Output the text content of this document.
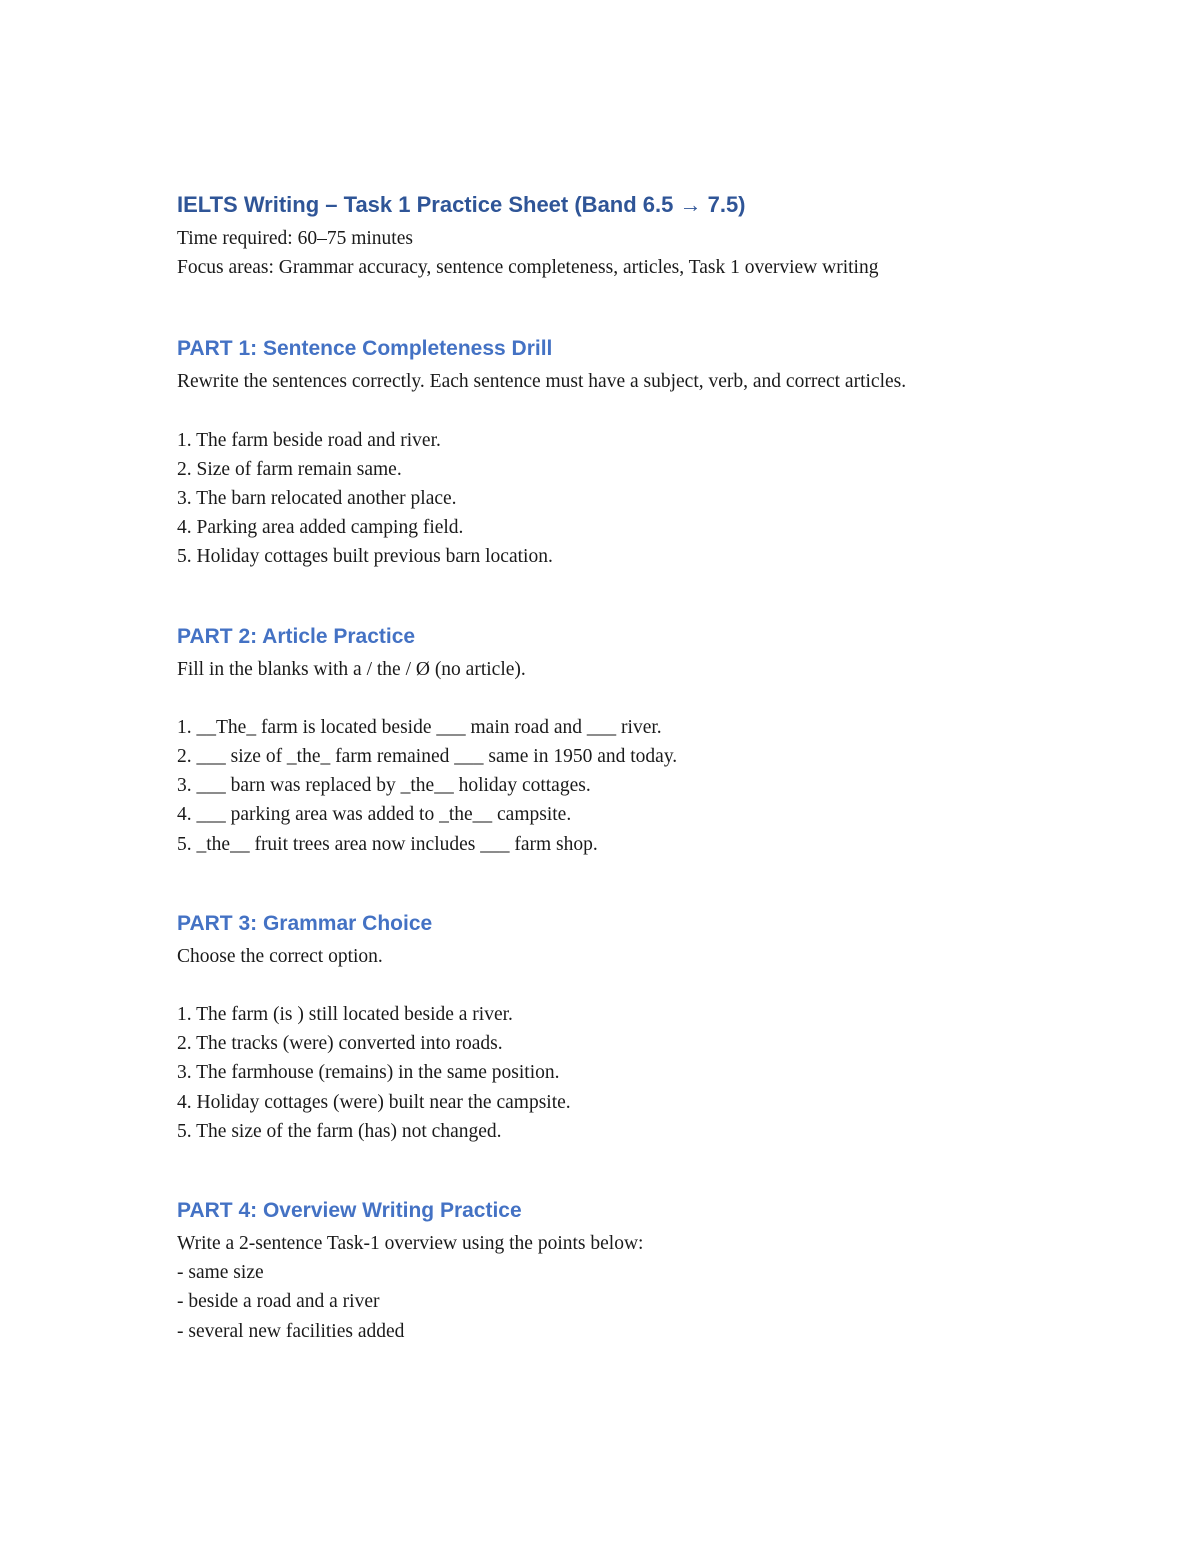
IELTS Writing – Task 1 Practice Sheet (Band 6.5 → 7.5)

Time required: 60–75 minutes

Focus areas: Grammar accuracy, sentence completeness, articles, Task 1 overview writing

PART 1: Sentence Completeness Drill

Rewrite the sentences correctly. Each sentence must have a subject, verb, and correct articles.

1. The farm beside road and river.
2. Size of farm remain same.
3. The barn relocated another place.
4. Parking area added camping field.
5. Holiday cottages built previous barn location.
PART 2: Article Practice

Fill in the blanks with a / the / Ø (no article).

1. __The_ farm is located beside ___ main road and ___ river.
2. ___ size of _the_ farm remained ___ same in 1950 and today.
3. ___ barn was replaced by _the__ holiday cottages.
4. ___ parking area was added to _the__ campsite.
5. _the__ fruit trees area now includes ___ farm shop.
PART 3: Grammar Choice

Choose the correct option.

1. The farm (is ) still located beside a river.
2. The tracks (were) converted into roads.
3. The farmhouse (remains) in the same position.
4. Holiday cottages (were) built near the campsite.
5. The size of the farm (has) not changed.
PART 4: Overview Writing Practice

Write a 2-sentence Task-1 overview using the points below:

- same size
- beside a road and a river
- several new facilities added
